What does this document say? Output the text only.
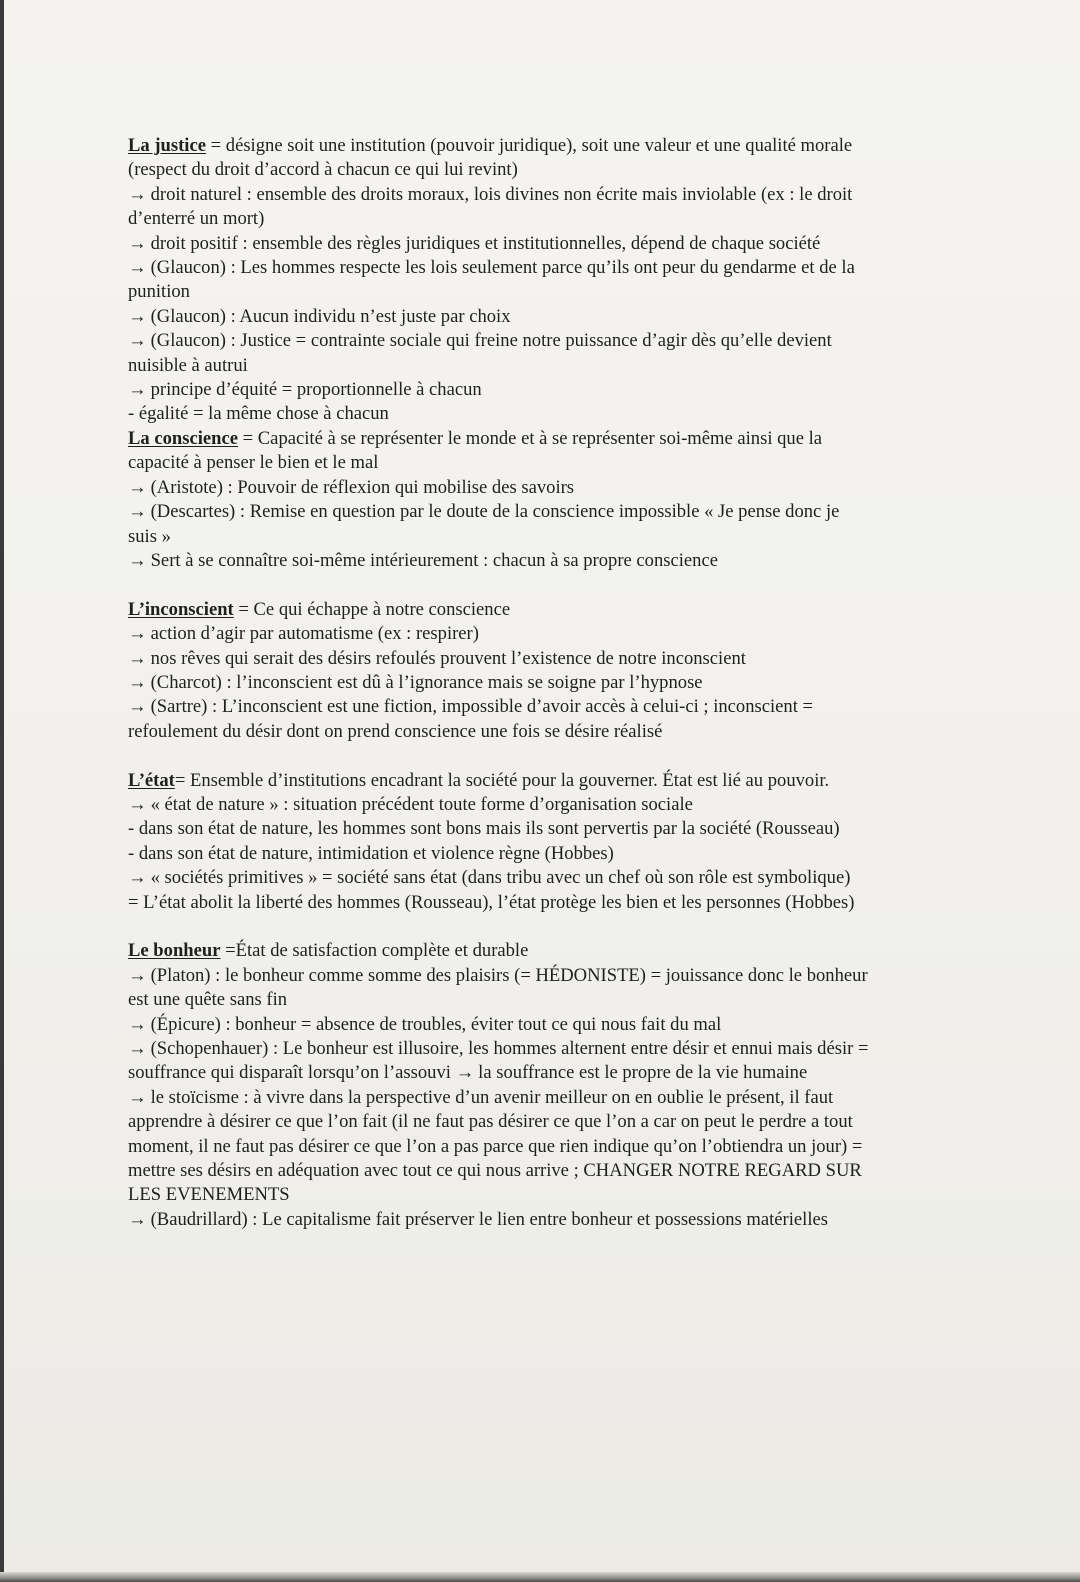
La justice = désigne soit une institution (pouvoir juridique), soit une valeur et une qualité morale
(respect du droit d’accord à chacun ce qui lui revint)
→ droit naturel : ensemble des droits moraux, lois divines non écrite mais inviolable (ex : le droit
d’enterré un mort)
→ droit positif : ensemble des règles juridiques et institutionnelles, dépend de chaque société
→ (Glaucon) : Les hommes respecte les lois seulement parce qu’ils ont peur du gendarme et de la
punition
→ (Glaucon) : Aucun individu n’est juste par choix
→ (Glaucon) : Justice = contrainte sociale qui freine notre puissance d’agir dès qu’elle devient
nuisible à autrui
→ principe d’équité = proportionnelle à chacun
- égalité = la même chose à chacun
La conscience = Capacité à se représenter le monde et à se représenter soi-même ainsi que la
capacité à penser le bien et le mal
→ (Aristote) : Pouvoir de réflexion qui mobilise des savoirs
→ (Descartes) : Remise en question par le doute de la conscience impossible « Je pense donc je
suis »
→ Sert à se connaître soi-même intérieurement : chacun à sa propre conscience
L’inconscient = Ce qui échappe à notre conscience
→ action d’agir par automatisme (ex : respirer)
→ nos rêves qui serait des désirs refoulés prouvent l’existence de notre inconscient
→ (Charcot) : l’inconscient est dû à l’ignorance mais se soigne par l’hypnose
→ (Sartre) : L’inconscient est une fiction, impossible d’avoir accès à celui-ci ; inconscient =
refoulement du désir dont on prend conscience une fois se désire réalisé
L’état= Ensemble d’institutions encadrant la société pour la gouverner. État est lié au pouvoir.
→ « état de nature » : situation précédent toute forme d’organisation sociale
- dans son état de nature, les hommes sont bons mais ils sont pervertis par la société (Rousseau)
- dans son état de nature, intimidation et violence règne (Hobbes)
→ « sociétés primitives » = société sans état (dans tribu avec un chef où son rôle est symbolique)
= L’état abolit la liberté des hommes (Rousseau), l’état protège les bien et les personnes (Hobbes)
Le bonheur =État de satisfaction complète et durable
→ (Platon) : le bonheur comme somme des plaisirs (= HÉDONISTE) = jouissance donc le bonheur
est une quête sans fin
→ (Épicure) : bonheur = absence de troubles, éviter tout ce qui nous fait du mal
→ (Schopenhauer) : Le bonheur est illusoire, les hommes alternent entre désir et ennui mais désir =
souffrance qui disparaît lorsqu’on l’assouvi → la souffrance est le propre de la vie humaine
→ le stoïcisme : à vivre dans la perspective d’un avenir meilleur on en oublie le présent, il faut
apprendre à désirer ce que l’on fait (il ne faut pas désirer ce que l’on a car on peut le perdre a tout
moment, il ne faut pas désirer ce que l’on a pas parce que rien indique qu’on l’obtiendra un jour) =
mettre ses désirs en adéquation avec tout ce qui nous arrive ; CHANGER NOTRE REGARD SUR
LES EVENEMENTS
→ (Baudrillard) : Le capitalisme fait préserver le lien entre bonheur et possessions matérielles
